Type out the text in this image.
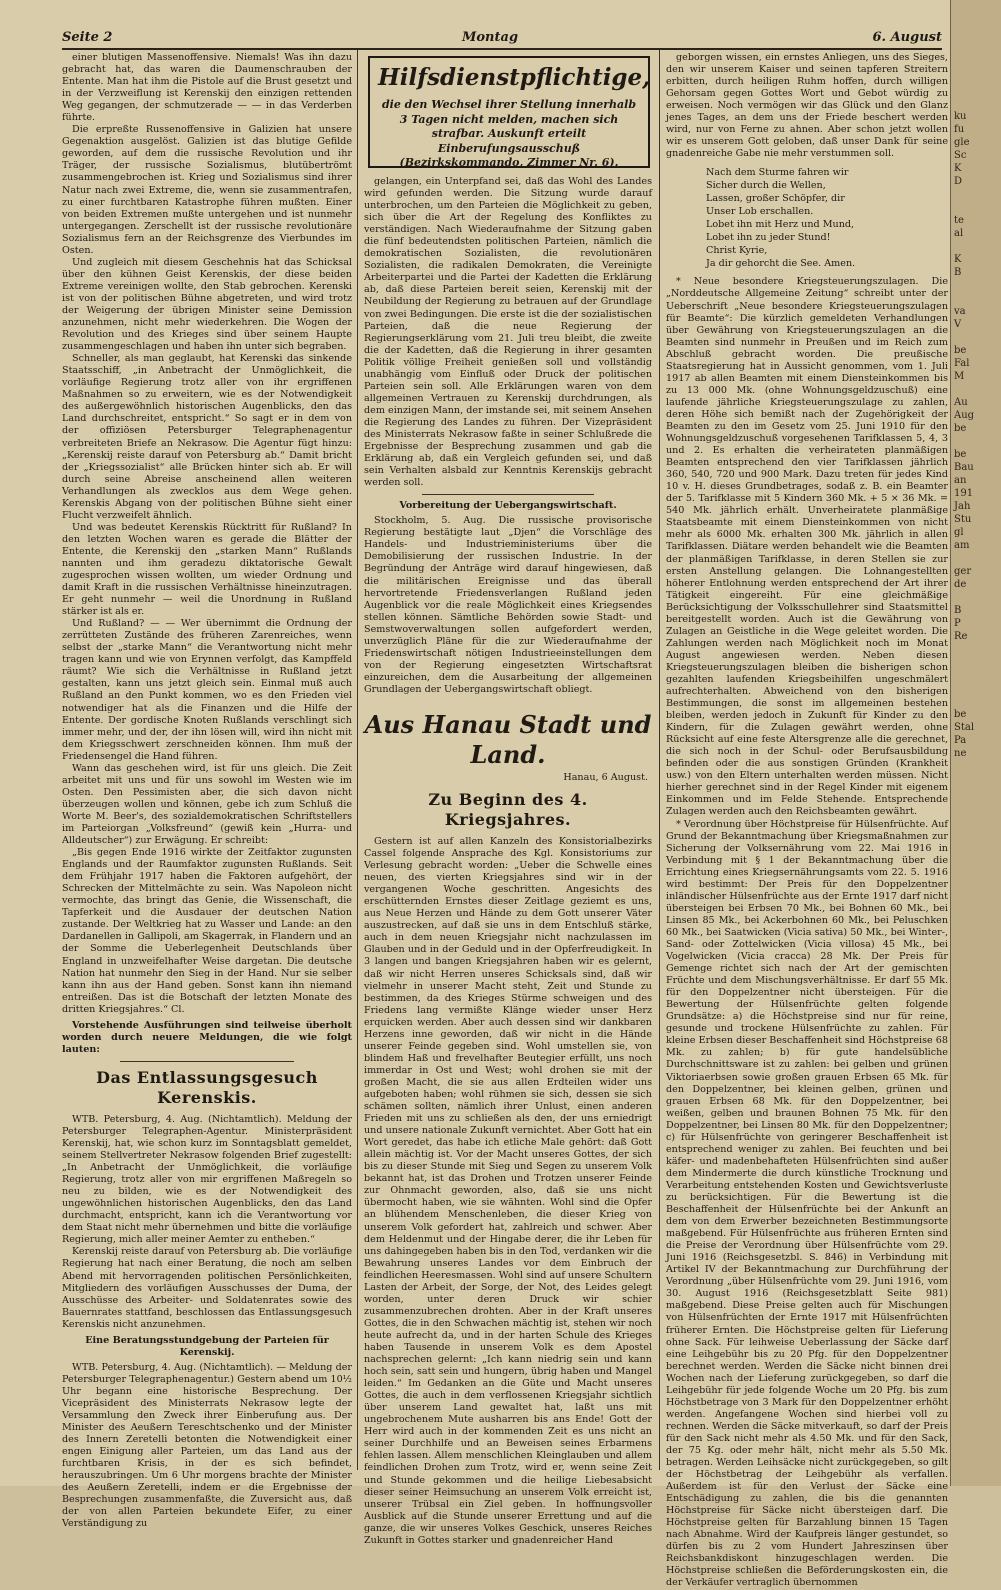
Seite 2	Montag	6. August

einer blutigen Massenoffensive. Niemals! Was ihn dazu gebracht hat, das waren die Daumenschrauben der Entente. Man hat ihm die Pistole auf die Brust gesetzt und in der Verzweiflung ist Kerenskij den einzigen rettenden Weg gegangen, der schmutzerade — — in das Verderben führte.

Die erpreßte Russenoffensive in Galizien hat unsere Gegenaktion ausgelöst. Galizien ist das blutige Gefilde geworden, auf dem die russische Revolution und ihr Träger, der russische Sozialismus, blutübertrömt zusammengebrochen ist. Krieg und Sozialismus sind ihrer Natur nach zwei Extreme, die, wenn sie zusammentrafen, zu einer furchtbaren Katastrophe führen mußten. Einer von beiden Extremen mußte untergehen und ist nunmehr untergegangen. Zerschellt ist der russische revolutionäre Sozialismus fern an der Reichsgrenze des Vierbundes im Osten.

Und zugleich mit diesem Geschehnis hat das Schicksal über den kühnen Geist Kerenskis, der diese beiden Extreme vereinigen wollte, den Stab gebrochen. Kerenski ist von der politischen Bühne abgetreten, und wird trotz der Weigerung der übrigen Minister seine Demission anzunehmen, nicht mehr wiederkehren. Die Wogen der Revolution und des Krieges sind über seinem Haupte zusammengeschlagen und haben ihn unter sich begraben.

Schneller, als man geglaubt, hat Kerenski das sinkende Staatsschiff, „in Anbetracht der Unmöglichkeit, die vorläufige Regierung trotz aller von ihr ergriffenen Maßnahmen so zu erweitern, wie es der Notwendigkeit des außergewöhnlich historischen Augenblicks, den das Land durchschreitet, entspricht.“ So sagt er in dem von der offiziösen Petersburger Telegraphenagentur verbreiteten Briefe an Nekrasow. Die Agentur fügt hinzu: „Kerenskij reiste darauf von Petersburg ab.“ Damit bricht der „Kriegssozialist“ alle Brücken hinter sich ab. Er will durch seine Abreise anscheinend allen weiteren Verhandlungen als zwecklos aus dem Wege gehen. Kerenskis Abgang von der politischen Bühne sieht einer Flucht verzweifelt ähnlich.

Und was bedeutet Kerenskis Rücktritt für Rußland? In den letzten Wochen waren es gerade die Blätter der Entente, die Kerenskij den „starken Mann“ Rußlands nannten und ihm geradezu diktatorische Gewalt zugesprochen wissen wollten, um wieder Ordnung und damit Kraft in die russischen Verhältnisse hineinzutragen. Er geht nunmehr — weil die Unordnung in Rußland stärker ist als er.

Und Rußland? — — Wer übernimmt die Ordnung der zerrütteten Zustände des früheren Zarenreiches, wenn selbst der „starke Mann“ die Verantwortung nicht mehr tragen kann und wie von Erynnen verfolgt, das Kampffeld räumt? Wie sich die Verhältnisse in Rußland jetzt gestalten, kann uns jetzt gleich sein. Einmal muß auch Rußland an den Punkt kommen, wo es den Frieden viel notwendiger hat als die Finanzen und die Hilfe der Entente. Der gordische Knoten Rußlands verschlingt sich immer mehr, und der, der ihn lösen will, wird ihn nicht mit dem Kriegsschwert zerschneiden können. Ihm muß der Friedensengel die Hand führen.

Wann das geschehen wird, ist für uns gleich. Die Zeit arbeitet mit uns und für uns sowohl im Westen wie im Osten. Den Pessimisten aber, die sich davon nicht überzeugen wollen und können, gebe ich zum Schluß die Worte M. Beer's, des sozialdemokratischen Schriftstellers im Parteiorgan „Volksfreund“ (gewiß kein „Hurra- und Alldeutscher“) zur Erwägung. Er schreibt:

„Bis gegen Ende 1916 wirkte der Zeitfaktor zugunsten Englands und der Raumfaktor zugunsten Rußlands. Seit dem Frühjahr 1917 haben die Faktoren aufgehört, der Schrecken der Mittelmächte zu sein. Was Napoleon nicht vermochte, das bringt das Genie, die Wissenschaft, die Tapferkeit und die Ausdauer der deutschen Nation zustande. Der Weltkrieg hat zu Wasser und Lande: an den Dardanellen in Gallipoli, am Skagerrak, in Flandern und an der Somme die Ueberlegenheit Deutschlands über England in unzweifelhafter Weise dargetan. Die deutsche Nation hat nunmehr den Sieg in der Hand. Nur sie selber kann ihn aus der Hand geben. Sonst kann ihn niemand entreißen. Das ist die Botschaft der letzten Monate des dritten Kriegsjahres.“ Cl.

Vorstehende Ausführungen sind teilweise überholt worden durch neuere Meldungen, die wie folgt lauten:

Das Entlassungsgesuch Kerenskis.

WTB. Petersburg, 4. Aug. (Nichtamtlich). Meldung der Petersburger Telegraphen-Agentur. Ministerpräsident Kerenskij, hat, wie schon kurz im Sonntagsblatt gemeldet, seinem Stellvertreter Nekrasow folgenden Brief zugestellt: „In Anbetracht der Unmöglichkeit, die vorläufige Regierung, trotz aller von mir ergriffenen Maßregeln so neu zu bilden, wie es der Notwendigkeit des ungewöhnlichen historischen Augenblicks, den das Land durchmacht, entspricht, kann ich die Verantwortung vor dem Staat nicht mehr übernehmen und bitte die vorläufige Regierung, mich aller meiner Aemter zu entheben.“

Kerenskij reiste darauf von Petersburg ab. Die vorläufige Regierung hat nach einer Beratung, die noch am selben Abend mit hervorragenden politischen Persönlichkeiten, Mitgliedern des vorläufigen Ausschusses der Duma, der Ausschüsse des Arbeiter- und Soldatenrates sowie des Bauernrates stattfand, beschlossen das Entlassungsgesuch Kerenskis nicht anzunehmen.

Eine Beratungsstundgebung der Parteien für Kerenskij.

WTB. Petersburg, 4. Aug. (Nichtamtlich). — Meldung der Petersburger Telegraphenagentur.) Gestern abend um 10½ Uhr begann eine historische Besprechung. Der Vicepräsident des Ministerrats Nekrasow legte der Versammlung den Zweck ihrer Einberufung aus. Der Minister des Aeußern Tereschtschenko und der Minister des Innern Zeretelli betonten die Notwendigkeit einer engen Einigung aller Parteien, um das Land aus der furchtbaren Krisis, in der es sich befindet, herauszubringen. Um 6 Uhr morgens brachte der Minister des Aeußern Zeretelli, indem er die Ergebnisse der Besprechungen zusammenfaßte, die Zuversicht aus, daß der von allen Parteien bekundete Eifer, zu einer Verständigung zu

Hilfsdienstpflichtige,
die den Wechsel ihrer Stellung innerhalb 3 Tagen nicht melden, machen sich strafbar. Auskunft erteilt Einberufungsausschuß (Bezirkskommando, Zimmer Nr. 6).

gelangen, ein Unterpfand sei, daß das Wohl des Landes wird gefunden werden. Die Sitzung wurde darauf unterbrochen, um den Parteien die Möglichkeit zu geben, sich über die Art der Regelung des Konfliktes zu verständigen. Nach Wiederaufnahme der Sitzung gaben die fünf bedeutendsten politischen Parteien, nämlich die demokratischen Sozialisten, die revolutionären Sozialisten, die radikalen Demokraten, die Vereinigte Arbeiterpartei und die Partei der Kadetten die Erklärung ab, daß diese Parteien bereit seien, Kerenskij mit der Neubildung der Regierung zu betrauen auf der Grundlage von zwei Bedingungen. Die erste ist die der sozialistischen Parteien, daß die neue Regierung der Regierungserklärung vom 21. Juli treu bleibt, die zweite die der Kadetten, daß die Regierung in ihrer gesamten Politik völlige Freiheit genießen soll und vollständig unabhängig vom Einfluß oder Druck der politischen Parteien sein soll. Alle Erklärungen waren von dem allgemeinen Vertrauen zu Kerenskij durchdrungen, als dem einzigen Mann, der imstande sei, mit seinem Ansehen die Regierung des Landes zu führen. Der Vizepräsident des Ministerrats Nekrasow faßte in seiner Schlußrede die Ergebnisse der Besprechung zusammen und gab die Erklärung ab, daß ein Vergleich gefunden sei, und daß sein Verhalten alsbald zur Kenntnis Kerenskijs gebracht werden soll.

Vorbereitung der Uebergangswirtschaft.

Stockholm, 5. Aug. Die russische provisorische Regierung bestätigte laut „Djen“ die Vorschläge des Handels- und Industrieministeriums über die Demobilisierung der russischen Industrie. In der Begründung der Anträge wird darauf hingewiesen, daß die militärischen Ereignisse und das überall hervortretende Friedensverlangen Rußland jeden Augenblick vor die reale Möglichkeit eines Kriegsendes stellen können. Sämtliche Behörden sowie Stadt- und Semstwoverwaltungen sollen aufgefordert werden, unverzüglich Pläne für die zur Wiederaufnahme der Friedenswirtschaft nötigen Industrieeinstellungen dem von der Regierung eingesetzten Wirtschaftsrat einzureichen, dem die Ausarbeitung der allgemeinen Grundlagen der Uebergangswirtschaft obliegt.

Aus Hanau Stadt und Land.
Hanau, 6 August.
Zu Beginn des 4. Kriegsjahres.

Gestern ist auf allen Kanzeln des Konsistorialbezirks Cassel folgende Ansprache des Kgl. Konsistoriums zur Verlesung gebracht worden: „Ueber die Schwelle eines neuen, des vierten Kriegsjahres sind wir in der vergangenen Woche geschritten. Angesichts des erschütternden Ernstes dieser Zeitlage geziemt es uns, aus Neue Herzen und Hände zu dem Gott unserer Väter auszustrecken, auf daß sie uns in dem Entschluß stärke, auch in dem neuen Kriegsjahr nicht nachzulassen im Glauben und in der Geduld und in der Opferfreudigkeit. In 3 langen und bangen Kriegsjahren haben wir es gelernt, daß wir nicht Herren unseres Schicksals sind, daß wir vielmehr in unserer Macht steht, Zeit und Stunde zu bestimmen, da des Krieges Stürme schweigen und des Friedens lang vermißte Klänge wieder unser Herz erquicken werden. Aber auch dessen sind wir dankbaren Herzens inne geworden, daß wir nicht in die Hände unserer Feinde gegeben sind. Wohl umstellen sie, von blindem Haß und frevelhafter Beutegier erfüllt, uns noch immerdar in Ost und West; wohl drohen sie mit der großen Macht, die sie aus allen Erdteilen wider uns aufgeboten haben; wohl rühmen sie sich, dessen sie sich schämen sollten, nämlich ihrer Unlust, einen anderen Frieden mit uns zu schließen als den, der uns erniedrigt und unsere nationale Zukunft vernichtet. Aber Gott hat ein Wort geredet, das habe ich etliche Male gehört: daß Gott allein mächtig ist. Vor der Macht unseres Gottes, der sich bis zu dieser Stunde mit Sieg und Segen zu unserem Volk bekannt hat, ist das Drohen und Trotzen unserer Feinde zur Ohnmacht geworden, also, daß sie uns nicht übermocht haben, wie sie wähnten. Wohl sind die Opfer an blühendem Menschenleben, die dieser Krieg von unserem Volk gefordert hat, zahlreich und schwer. Aber dem Heldenmut und der Hingabe derer, die ihr Leben für uns dahingegeben haben bis in den Tod, verdanken wir die Bewahrung unseres Landes vor dem Einbruch der feindlichen Heeresmassen. Wohl sind auf unsere Schultern Lasten der Arbeit, der Sorge, der Not, des Leides gelegt worden, unter deren Druck wir schier zusammenzubrechen drohten. Aber in der Kraft unseres Gottes, die in den Schwachen mächtig ist, stehen wir noch heute aufrecht da, und in der harten Schule des Krieges haben Tausende in unserem Volk es dem Apostel nachsprechen gelernt: „Ich kann niedrig sein und kann hoch sein, satt sein und hungern, übrig haben und Mangel leiden.“ Im Gedanken an die Güte und Macht unseres Gottes, die auch in dem verflossenen Kriegsjahr sichtlich über unserem Land gewaltet hat, laßt uns mit ungebrochenem Mute ausharren bis ans Ende! Gott der Herr wird auch in der kommenden Zeit es uns nicht an seiner Durchhilfe und an Beweisen seines Erbarmens fehlen lassen. Allem menschlichen Kleinglauben und allem feindlichen Drohen zum Trotz, wird er, wenn seine Zeit und Stunde gekommen und die heilige Liebesabsicht dieser seiner Heimsuchung an unserem Volk erreicht ist, unserer Trübsal ein Ziel geben. In hoffnungsvoller Ausblick auf die Stunde unserer Errettung und auf die ganze, die wir unseres Volkes Geschick, unseres Reiches Zukunft in Gottes starker und gnadenreicher Hand

geborgen wissen, ein ernstes Anliegen, uns des Sieges, den wir unserem Kaiser und seinen tapferen Streitern erbitten, durch heiligen Ruhm hoffen, durch willigen Gehorsam gegen Gottes Wort und Gebot würdig zu erweisen. Noch vermögen wir das Glück und den Glanz jenes Tages, an dem uns der Friede beschert werden wird, nur von Ferne zu ahnen. Aber schon jetzt wollen wir es unserem Gott geloben, daß unser Dank für seine gnadenreiche Gabe nie mehr verstummen soll.

Nach dem Sturme fahren wir
Sicher durch die Wellen,
Lassen, großer Schöpfer, dir
Unser Lob erschallen.
Lobet ihn mit Herz und Mund,
Lobet ihn zu jeder Stund!
Christ Kyrie,
Ja dir gehorcht die See. Amen.

* Neue besondere Kriegsteuerungszulagen. Die „Norddeutsche Allgemeine Zeitung“ schreibt unter der Ueberschrift „Neue besondere Kriegsteuerungszulagen für Beamte“: Die kürzlich gemeldeten Verhandlungen über Gewährung von Kriegsteuerungszulagen an die Beamten sind nunmehr in Preußen und im Reich zum Abschluß gebracht worden. Die preußische Staatsregierung hat in Aussicht genommen, vom 1. Juli 1917 ab allen Beamten mit einem Diensteinkommen bis zu 13 000 Mk. (ohne Wohnungsgeldzuschuß) eine laufende jährliche Kriegsteuerungszulage zu zahlen, deren Höhe sich bemißt nach der Zugehörigkeit der Beamten zu den im Gesetz vom 25. Juni 1910 für den Wohnungsgeldzuschuß vorgesehenen Tarifklassen 5, 4, 3 und 2. Es erhalten die verheirateten planmäßigen Beamten entsprechend den vier Tarifklassen jährlich 360, 540, 720 und 900 Mark. Dazu treten für jedes Kind 10 v. H. dieses Grundbetrages, sodaß z. B. ein Beamter der 5. Tarifklasse mit 5 Kindern 360 Mk. + 5 × 36 Mk. = 540 Mk. jährlich erhält. Unverheiratete planmäßige Staatsbeamte mit einem Diensteinkommen von nicht mehr als 6000 Mk. erhalten 300 Mk. jährlich in allen Tarifklassen. Diätare werden behandelt wie die Beamten der planmäßigen Tarifklasse, in deren Stellen sie zur ersten Anstellung gelangen. Die Lohnangestellten höherer Entlohnung werden entsprechend der Art ihrer Tätigkeit eingereiht. Für eine gleichmäßige Berücksichtigung der Volksschullehrer sind Staatsmittel bereitgestellt worden. Auch ist die Gewährung von Zulagen an Geistliche in die Wege geleitet worden. Die Zahlungen werden nach Möglichkeit noch im Monat August angewiesen werden. Neben diesen Kriegsteuerungszulagen bleiben die bisherigen schon gezahlten laufenden Kriegsbeihilfen ungeschmälert aufrechterhalten. Abweichend von den bisherigen Bestimmungen, die sonst im allgemeinen bestehen bleiben, werden jedoch in Zukunft für Kinder zu den Kindern, für die Zulagen gewährt werden, ohne Rücksicht auf eine feste Altersgrenze alle die gerechnet, die sich noch in der Schul- oder Berufsausbildung befinden oder die aus sonstigen Gründen (Krankheit usw.) von den Eltern unterhalten werden müssen. Nicht hierher gerechnet sind in der Regel Kinder mit eigenem Einkommen und im Felde Stehende. Entsprechende Zulagen werden auch den Reichsbeamten gewährt.

* Verordnung über Höchstpreise für Hülsenfrüchte. Auf Grund der Bekanntmachung über Kriegsmaßnahmen zur Sicherung der Volksernährung vom 22. Mai 1916 in Verbindung mit § 1 der Bekanntmachung über die Errichtung eines Kriegsernährungsamts vom 22. 5. 1916 wird bestimmt: Der Preis für den Doppelzentner inländischer Hülsenfrüchte aus der Ernte 1917 darf nicht übersteigen bei Erbsen 70 Mk., bei Bohnen 60 Mk., bei Linsen 85 Mk., bei Ackerbohnen 60 Mk., bei Peluschken 60 Mk., bei Saatwicken (Vicia sativa) 50 Mk., bei Winter-, Sand- oder Zottelwicken (Vicia villosa) 45 Mk., bei Vogelwicken (Vicia cracca) 28 Mk. Der Preis für Gemenge richtet sich nach der Art der gemischten Früchte und dem Mischungsverhältnisse. Er darf 55 Mk. für den Doppelzentner nicht übersteigen. Für die Bewertung der Hülsenfrüchte gelten folgende Grundsätze: a) die Höchstpreise sind nur für reine, gesunde und trockene Hülsenfrüchte zu zahlen. Für kleine Erbsen dieser Beschaffenheit sind Höchstpreise 68 Mk. zu zahlen; b) für gute handelsübliche Durchschnittsware ist zu zahlen: bei gelben und grünen Viktoriaerbsen sowie großen grauen Erbsen 65 Mk. für den Doppelzentner, bei kleinen gelben, grünen und grauen Erbsen 68 Mk. für den Doppelzentner, bei weißen, gelben und braunen Bohnen 75 Mk. für den Doppelzentner, bei Linsen 80 Mk. für den Doppelzentner; c) für Hülsenfrüchte von geringerer Beschaffenheit ist entsprechend weniger zu zahlen. Bei feuchten und bei käfer- und madenbehafteten Hülsenfrüchten sind außer dem Mindermerte die durch künstliche Trocknung und Verarbeitung entstehenden Kosten und Gewichtsverluste zu berücksichtigen. Für die Bewertung ist die Beschaffenheit der Hülsenfrüchte bei der Ankunft an dem von dem Erwerber bezeichneten Bestimmungsorte maßgebend. Für Hülsenfrüchte aus früheren Ernten sind die Preise der Verordnung über Hülsenfrüchte vom 29. Juni 1916 (Reichsgesetzbl. S. 846) in Verbindung mit Artikel IV der Bekanntmachung zur Durchführung der Verordnung „über Hülsenfrüchte vom 29. Juni 1916, vom 30. August 1916 (Reichsgesetzblatt Seite 981) maßgebend. Diese Preise gelten auch für Mischungen von Hülsenfrüchten der Ernte 1917 mit Hülsenfrüchten früherer Ernten. Die Höchstpreise gelten für Lieferung ohne Sack. Für leihweise Ueberlassung der Säcke darf eine Leihgebühr bis zu 20 Pfg. für den Doppelzentner berechnet werden. Werden die Säcke nicht binnen drei Wochen nach der Lieferung zurückgegeben, so darf die Leihgebühr für jede folgende Woche um 20 Pfg. bis zum Höchstbetrage von 3 Mark für den Doppelzentner erhöht werden. Angefangene Wochen sind hierbei voll zu rechnen. Werden die Säcke mitverkauft, so darf der Preis für den Sack nicht mehr als 4.50 Mk. und für den Sack, der 75 Kg. oder mehr hält, nicht mehr als 5.50 Mk. betragen. Werden Leihsäcke nicht zurückgegeben, so gilt der Höchstbetrag der Leihgebühr als verfallen. Außerdem ist für den Verlust der Säcke eine Entschädigung zu zahlen, die bis die genannten Höchstpreise für Säcke nicht übersteigen darf. Die Höchstpreise gelten für Barzahlung binnen 15 Tagen nach Abnahme. Wird der Kaufpreis länger gestundet, so dürfen bis zu 2 vom Hundert Jahreszinsen über Reichsbankdiskont hinzugeschlagen werden. Die Höchstpreise schließen die Beförderungskosten ein, die der Verkäufer vertraglich übernommen

ku
fu
gle
Sc
K
D

te
al

K
B

va
V

be
Fal
M

Au
Aug
be

be
Bau
an
191
Jah
Stu
gl
am

ger
de

B
P
Re

be
Stal
Pa
ne
